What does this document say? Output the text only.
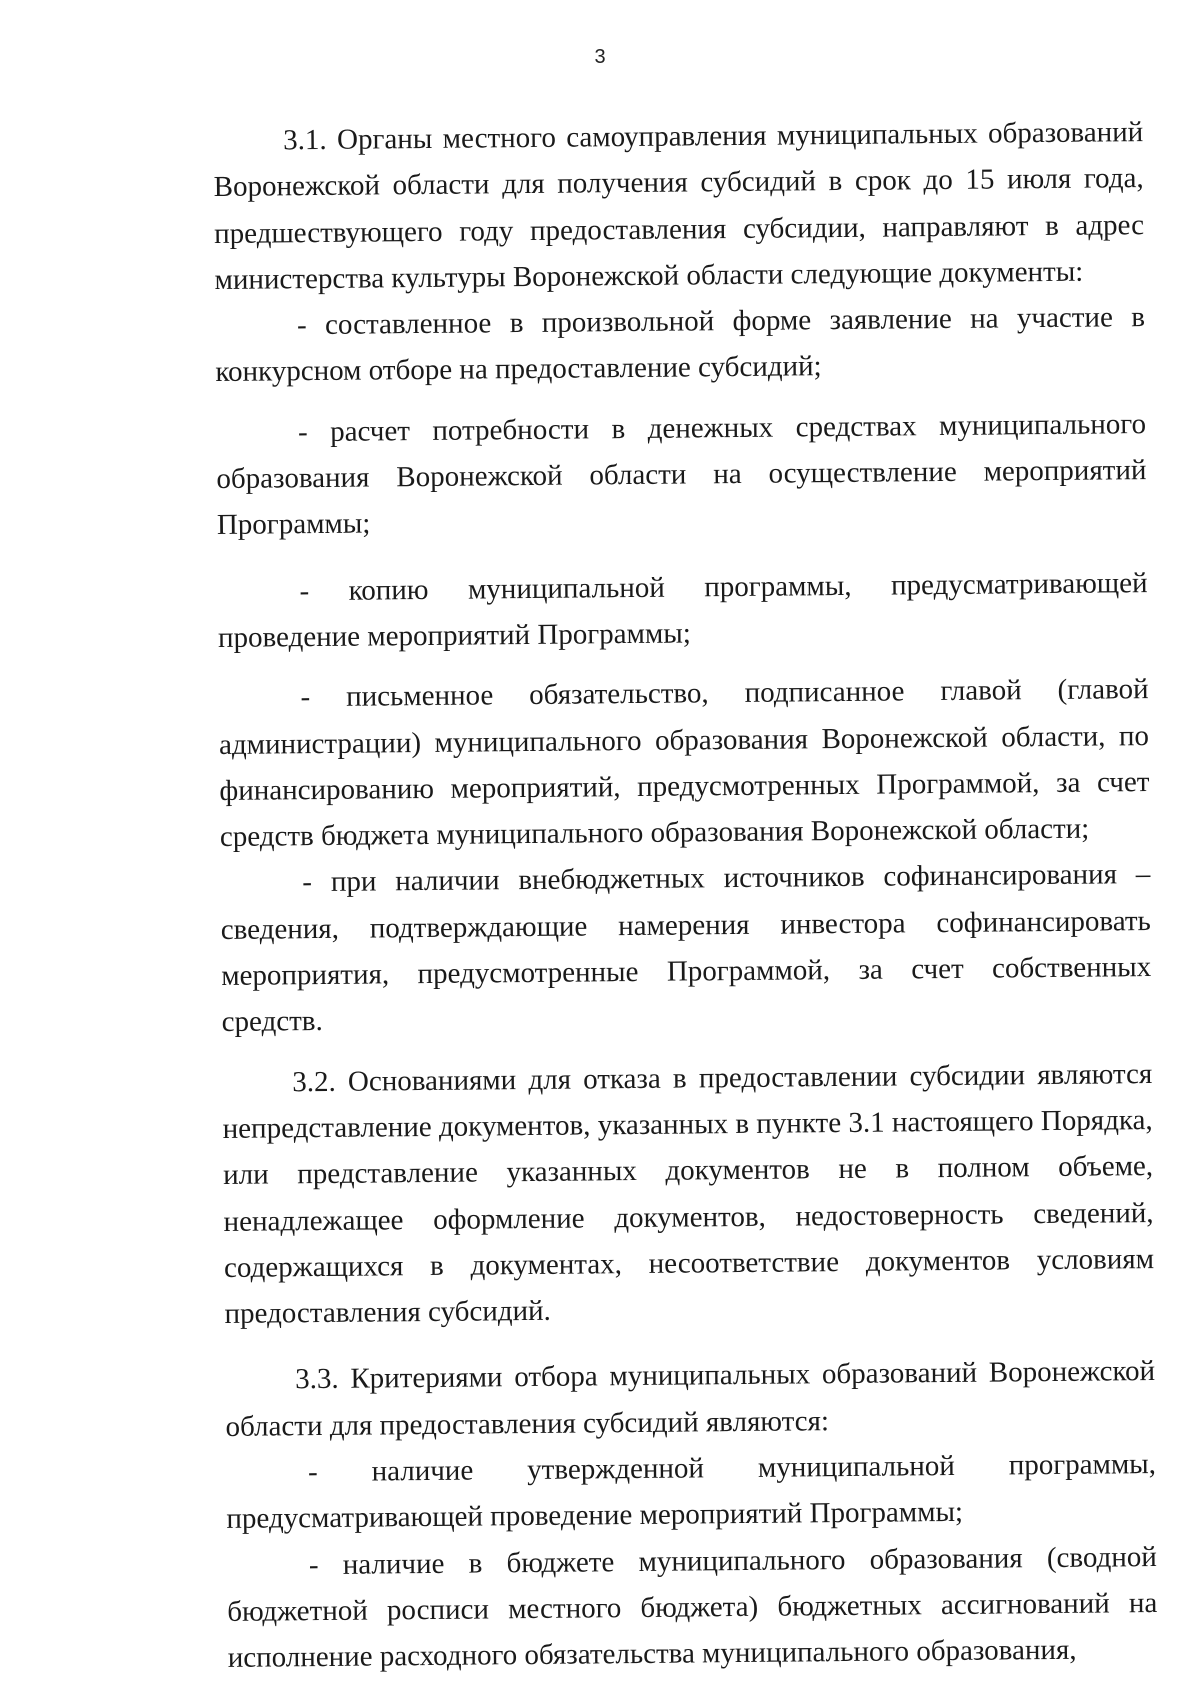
3

3.1. Органы местного самоуправления муниципальных образований Воронежской области для получения субсидий в срок до 15 июля года, предшествующего году предоставления субсидии, направляют в адрес министерства культуры Воронежской области следующие документы:

- составленное в произвольной форме заявление на участие в конкурсном отборе на предоставление субсидий;

- расчет потребности в денежных средствах муниципального образования Воронежской области на осуществление мероприятий Программы;

- копию муниципальной программы, предусматривающей проведение мероприятий Программы;

- письменное обязательство, подписанное главой (главой администрации) муниципального образования Воронежской области, по финансированию мероприятий, предусмотренных Программой, за счет средств бюджета муниципального образования Воронежской области;

- при наличии внебюджетных источников софинансирования – сведения, подтверждающие намерения инвестора софинансировать мероприятия, предусмотренные Программой, за счет собственных средств.

3.2. Основаниями для отказа в предоставлении субсидии являются непредставление документов, указанных в пункте 3.1 настоящего Порядка, или представление указанных документов не в полном объеме, ненадлежащее оформление документов, недостоверность сведений, содержащихся в документах, несоответствие документов условиям предоставления субсидий.

3.3. Критериями отбора муниципальных образований Воронежской области для предоставления субсидий являются:

- наличие утвержденной муниципальной программы, предусматривающей проведение мероприятий Программы;

- наличие в бюджете муниципального образования (сводной бюджетной росписи местного бюджета) бюджетных ассигнований на исполнение расходного обязательства муниципального образования,
